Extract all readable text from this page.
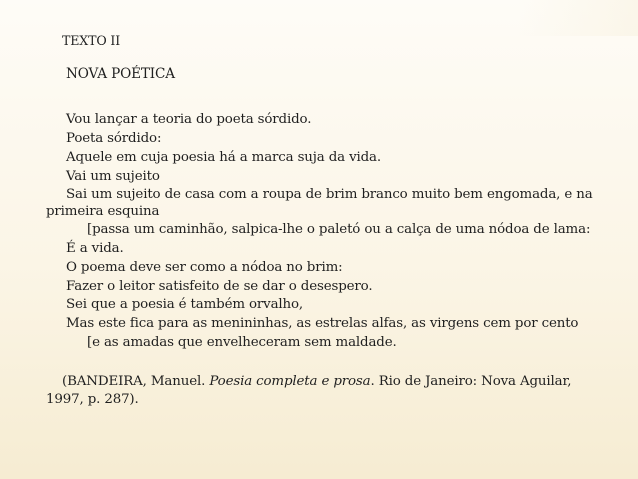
TEXTO II
NOVA POÉTICA
Vou lançar a teoria do poeta sórdido.
Poeta sórdido:
Aquele em cuja poesia há a marca suja da vida.
Vai um sujeito
Sai um sujeito de casa com a roupa de brim branco muito bem engomada, e na
primeira esquina
[passa um caminhão, salpica-lhe o paletó ou a calça de uma nódoa de lama:
É a vida.
O poema deve ser como a nódoa no brim:
Fazer o leitor satisfeito de se dar o desespero.
Sei que a poesia é também orvalho,
Mas este fica para as menininhas, as estrelas alfas, as virgens cem por cento
[e as amadas que envelheceram sem maldade.
(BANDEIRA, Manuel. Poesia completa e prosa. Rio de Janeiro: Nova Aguilar,
1997, p. 287).
